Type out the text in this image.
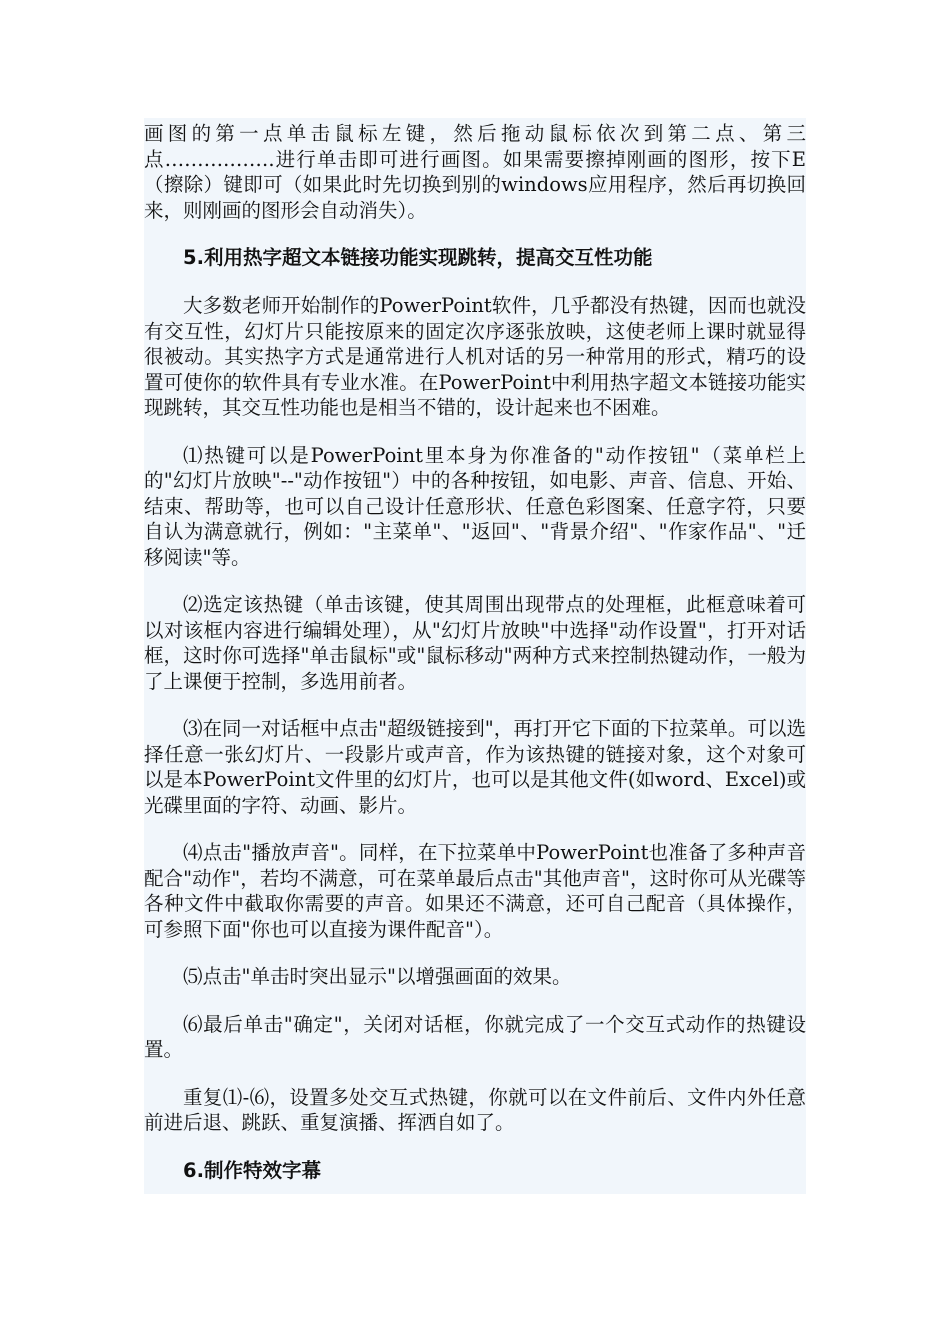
画图的第一点单击鼠标左键，然后拖动鼠标依次到第二点、第三点……….…….进行单击即可进行画图。如果需要擦掉刚画的图形，按下E（擦除）键即可（如果此时先切换到别的windows应用程序，然后再切换回来，则刚画的图形会自动消失）。

5.利用热字超文本链接功能实现跳转，提高交互性功能

大多数老师开始制作的PowerPoint软件，几乎都没有热键，因而也就没有交互性，幻灯片只能按原来的固定次序逐张放映，这使老师上课时就显得很被动。其实热字方式是通常进行人机对话的另一种常用的形式，精巧的设置可使你的软件具有专业水准。在PowerPoint中利用热字超文本链接功能实现跳转，其交互性功能也是相当不错的，设计起来也不困难。

⑴热键可以是PowerPoint里本身为你准备的"动作按钮"（菜单栏上的"幻灯片放映"--"动作按钮"）中的各种按钮，如电影、声音、信息、开始、结束、帮助等，也可以自己设计任意形状、任意色彩图案、任意字符，只要自认为满意就行，例如："主菜单"、"返回"、"背景介绍"、"作家作品"、"迁移阅读"等。

⑵选定该热键（单击该键，使其周围出现带点的处理框，此框意味着可以对该框内容进行编辑处理），从"幻灯片放映"中选择"动作设置"，打开对话框，这时你可选择"单击鼠标"或"鼠标移动"两种方式来控制热键动作，一般为了上课便于控制，多选用前者。

⑶在同一对话框中点击"超级链接到"，再打开它下面的下拉菜单。可以选择任意一张幻灯片、一段影片或声音，作为该热键的链接对象，这个对象可以是本PowerPoint文件里的幻灯片，也可以是其他文件(如word、Excel)或光碟里面的字符、动画、影片。

⑷点击"播放声音"。同样，在下拉菜单中PowerPoint也准备了多种声音配合"动作"，若均不满意，可在菜单最后点击"其他声音"，这时你可从光碟等各种文件中截取你需要的声音。如果还不满意，还可自己配音（具体操作，可参照下面"你也可以直接为课件配音"）。

⑸点击"单击时突出显示"以增强画面的效果。

⑹最后单击"确定"，关闭对话框，你就完成了一个交互式动作的热键设置。

重复⑴-⑹，设置多处交互式热键，你就可以在文件前后、文件内外任意前进后退、跳跃、重复演播、挥洒自如了。

6.制作特效字幕
